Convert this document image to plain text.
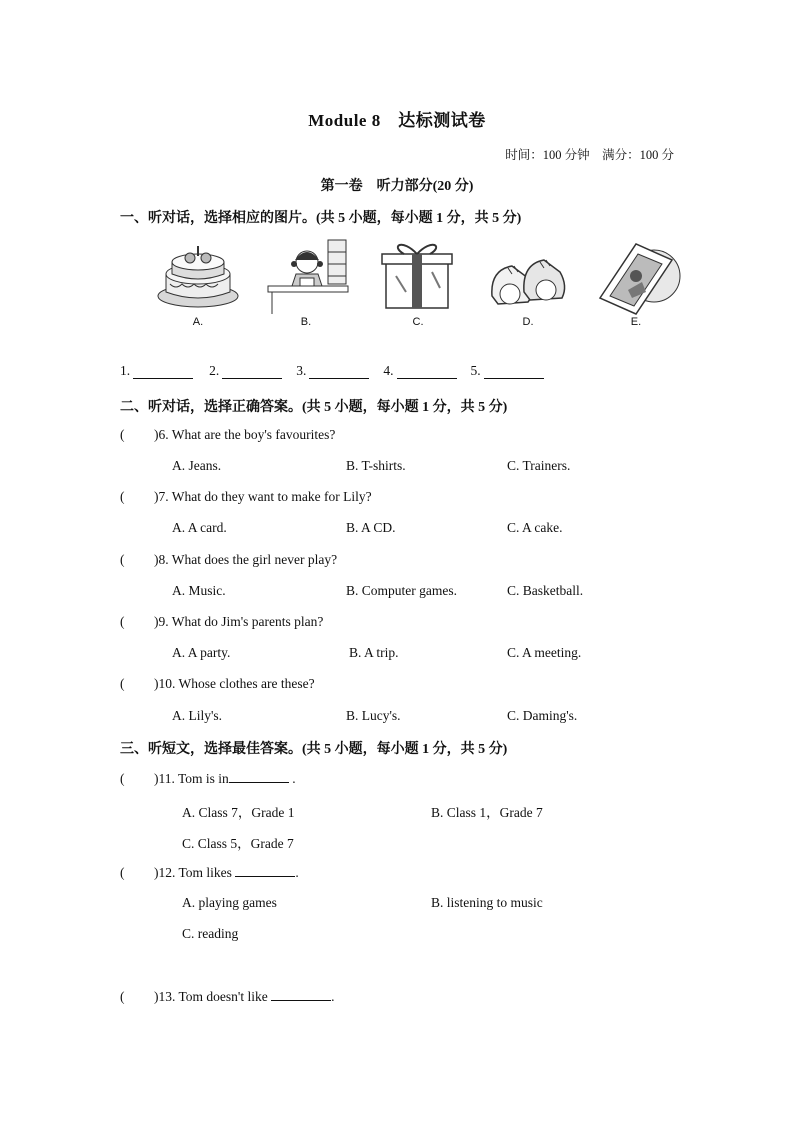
Module 8　达标测试卷
时间：100 分钟　满分：100 分
第一卷　听力部分(20 分)
一、听对话，选择相应的图片。(共 5 小题，每小题 1 分，共 5 分)
A.	B.	C.	D.	E.
1.	2.	3.	4.	5.
二、听对话，选择正确答案。(共 5 小题，每小题 1 分，共 5 分)
( )6. What are the boy's favourites?
A. Jeans.	B. T-shirts.	C. Trainers.
( )7. What do they want to make for Lily?
A. A card.	B. A CD.	C. A cake.
( )8. What does the girl never play?
A. Music.	B. Computer games.	C. Basketball.
( )9. What do Jim's parents plan?
A. A party.	B. A trip.	C. A meeting.
( )10. Whose clothes are these?
A. Lily's.	B. Lucy's.	C. Daming's.
三、听短文，选择最佳答案。(共 5 小题，每小题 1 分，共 5 分)
( )11. Tom is in	.
A. Class 7，Grade 1	B. Class 1，Grade 7
C. Class 5，Grade 7
( )12. Tom likes	.
A. playing games	B. listening to music
C. reading
( )13. Tom doesn't like	.
